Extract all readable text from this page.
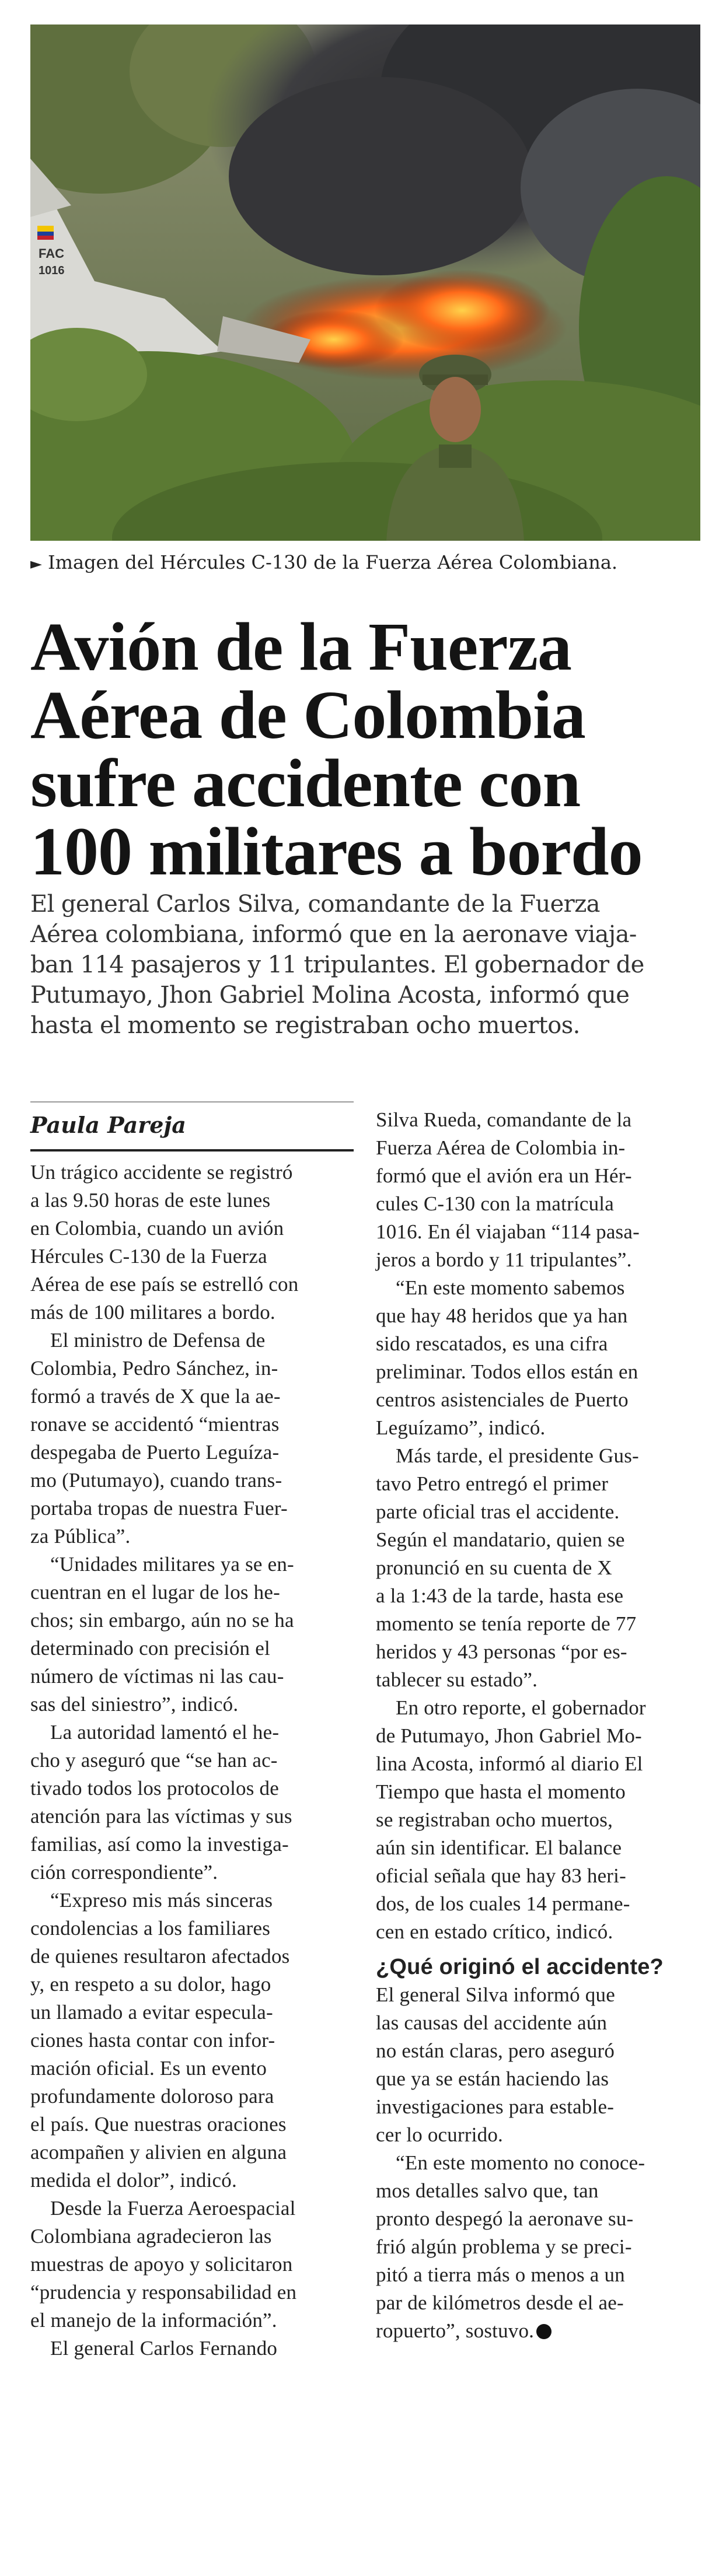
FAC
1016
► Imagen del Hércules C-130 de la Fuerza Aérea Colombiana.
Avión de la Fuerza
Aérea de Colombia
sufre accidente con
100 militares a bordo
El general Carlos Silva, comandante de la Fuerza
Aérea colombiana, informó que en la aeronave viaja-
ban 114 pasajeros y 11 tripulantes. El gobernador de
Putumayo, Jhon Gabriel Molina Acosta, informó que
hasta el momento se registraban ocho muertos.
Paula Pareja
Un trágico accidente se registró
a las 9.50 horas de este lunes
en Colombia, cuando un avión
Hércules C-130 de la Fuerza
Aérea de ese país se estrelló con
más de 100 militares a bordo.
El ministro de Defensa de
Colombia, Pedro Sánchez, in-
formó a través de X que la ae-
ronave se accidentó “mientras
despegaba de Puerto Leguíza-
mo (Putumayo), cuando trans-
portaba tropas de nuestra Fuer-
za Pública”.
“Unidades militares ya se en-
cuentran en el lugar de los he-
chos; sin embargo, aún no se ha
determinado con precisión el
número de víctimas ni las cau-
sas del siniestro”, indicó.
La autoridad lamentó el he-
cho y aseguró que “se han ac-
tivado todos los protocolos de
atención para las víctimas y sus
familias, así como la investiga-
ción correspondiente”.
“Expreso mis más sinceras
condolencias a los familiares
de quienes resultaron afectados
y, en respeto a su dolor, hago
un llamado a evitar especula-
ciones hasta contar con infor-
mación oficial. Es un evento
profundamente doloroso para
el país. Que nuestras oraciones
acompañen y alivien en alguna
medida el dolor”, indicó.
Desde la Fuerza Aeroespacial
Colombiana agradecieron las
muestras de apoyo y solicitaron
“prudencia y responsabilidad en
el manejo de la información”.
El general Carlos Fernando
Silva Rueda, comandante de la
Fuerza Aérea de Colombia in-
formó que el avión era un Hér-
cules C-130 con la matrícula
1016. En él viajaban “114 pasa-
jeros a bordo y 11 tripulantes”.
“En este momento sabemos
que hay 48 heridos que ya han
sido rescatados, es una cifra
preliminar. Todos ellos están en
centros asistenciales de Puerto
Leguízamo”, indicó.
Más tarde, el presidente Gus-
tavo Petro entregó el primer
parte oficial tras el accidente.
Según el mandatario, quien se
pronunció en su cuenta de X
a la 1:43 de la tarde, hasta ese
momento se tenía reporte de 77
heridos y 43 personas “por es-
tablecer su estado”.
En otro reporte, el gobernador
de Putumayo, Jhon Gabriel Mo-
lina Acosta, informó al diario El
Tiempo que hasta el momento
se registraban ocho muertos,
aún sin identificar. El balance
oficial señala que hay 83 heri-
dos, de los cuales 14 permane-
cen en estado crítico, indicó.
¿Qué originó el accidente?
El general Silva informó que
las causas del accidente aún
no están claras, pero aseguró
que ya se están haciendo las
investigaciones para estable-
cer lo ocurrido.
“En este momento no conoce-
mos detalles salvo que, tan
pronto despegó la aeronave su-
frió algún problema y se preci-
pitó a tierra más o menos a un
par de kilómetros desde el ae-
ropuerto”, sostuvo.
